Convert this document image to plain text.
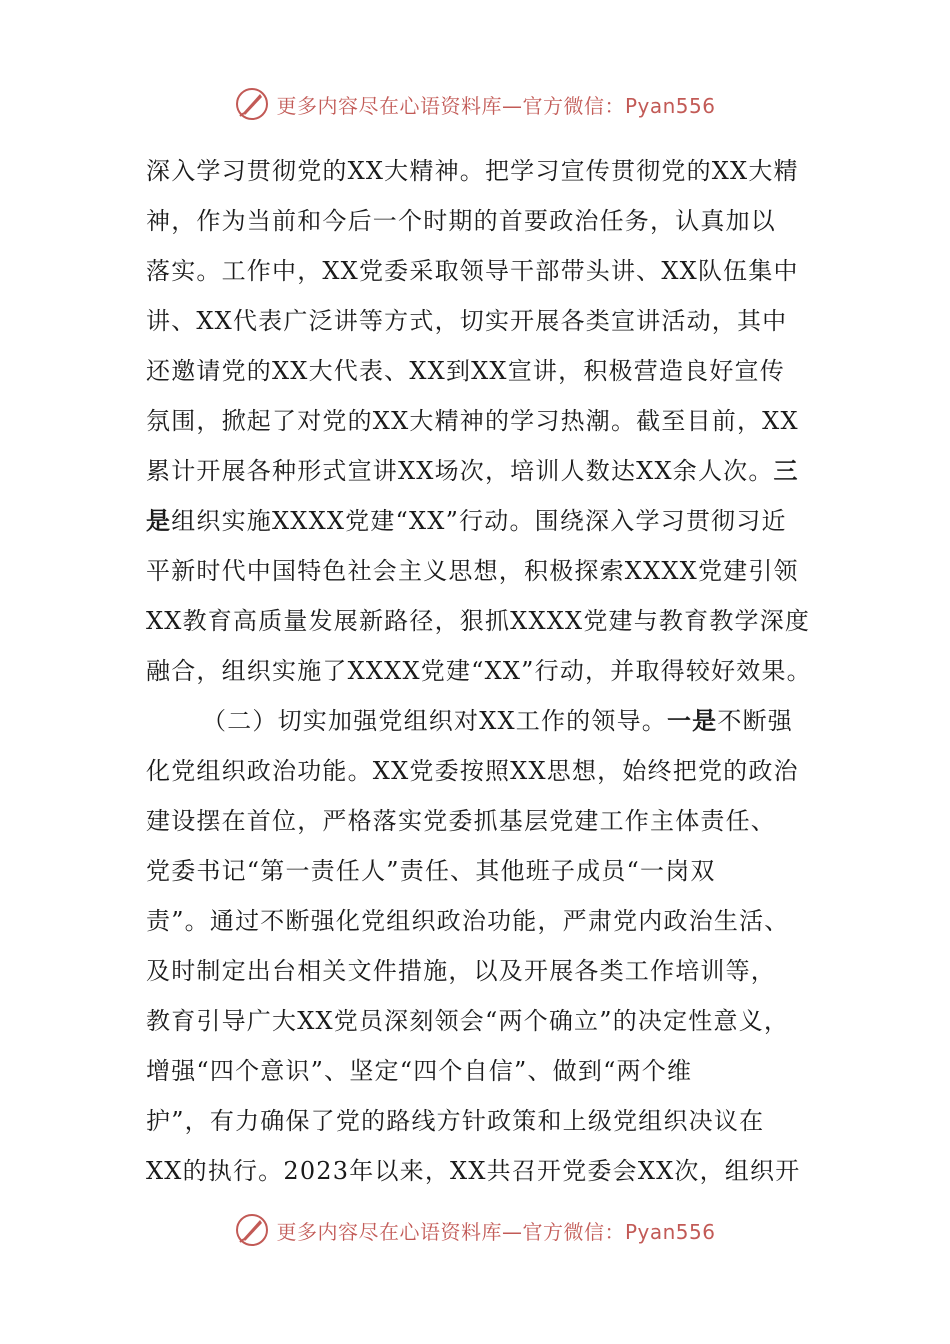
更多内容尽在心语资料库—官方微信：Pyan556
深入学习贯彻党的XX大精神。把学习宣传贯彻党的XX大精
神，作为当前和今后一个时期的首要政治任务，认真加以
落实。工作中，XX党委采取领导干部带头讲、XX队伍集中
讲、XX代表广泛讲等方式，切实开展各类宣讲活动，其中
还邀请党的XX大代表、XX到XX宣讲，积极营造良好宣传
氛围，掀起了对党的XX大精神的学习热潮。截至目前，XX
累计开展各种形式宣讲XX场次，培训人数达XX余人次。三
是组织实施XXXX党建“XX”行动。围绕深入学习贯彻习近
平新时代中国特色社会主义思想，积极探索XXXX党建引领
XX教育高质量发展新路径，狠抓XXXX党建与教育教学深度
融合，组织实施了XXXX党建“XX”行动，并取得较好效果。
（二）切实加强党组织对XX工作的领导。一是不断强
化党组织政治功能。XX党委按照XX思想，始终把党的政治
建设摆在首位，严格落实党委抓基层党建工作主体责任、
党委书记“第一责任人”责任、其他班子成员“一岗双
责”。通过不断强化党组织政治功能，严肃党内政治生活、
及时制定出台相关文件措施，以及开展各类工作培训等，
教育引导广大XX党员深刻领会“两个确立”的决定性意义，
增强“四个意识”、坚定“四个自信”、做到“两个维
护”，有力确保了党的路线方针政策和上级党组织决议在
XX的执行。2023年以来，XX共召开党委会XX次，组织开
更多内容尽在心语资料库—官方微信：Pyan556
